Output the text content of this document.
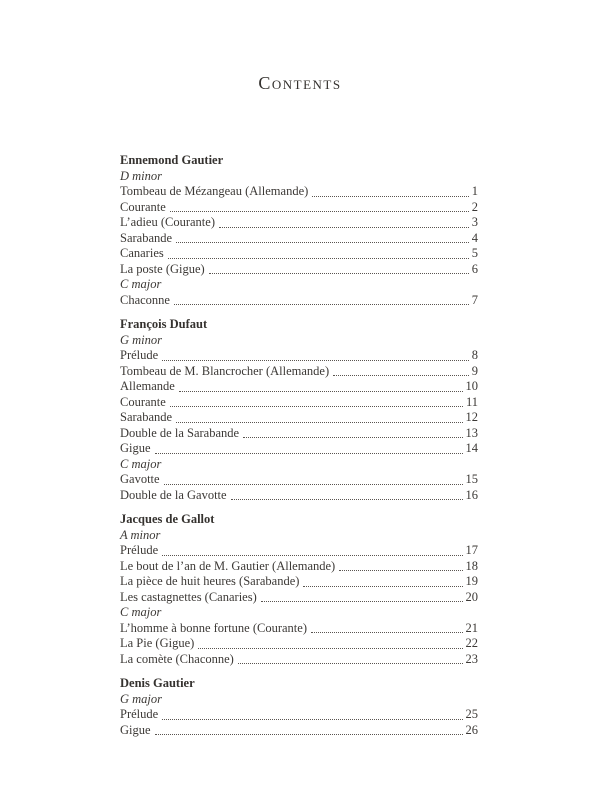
Contents
Ennemond Gautier
D minor
Tombeau de Mézangeau (Allemande)	1
Courante	2
L’adieu (Courante)	3
Sarabande	4
Canaries	5
La poste (Gigue)	6
C major
Chaconne	7
François Dufaut
G minor
Prélude	8
Tombeau de M. Blancrocher (Allemande)	9
Allemande	10
Courante	11
Sarabande	12
Double de la Sarabande	13
Gigue	14
C major
Gavotte	15
Double de la Gavotte	16
Jacques de Gallot
A minor
Prélude	17
Le bout de l’an de M. Gautier (Allemande)	18
La pièce de huit heures (Sarabande)	19
Les castagnettes (Canaries)	20
C major
L’homme à bonne fortune (Courante)	21
La Pie (Gigue)	22
La comète (Chaconne)	23
Denis Gautier
G major
Prélude	25
Gigue	26
